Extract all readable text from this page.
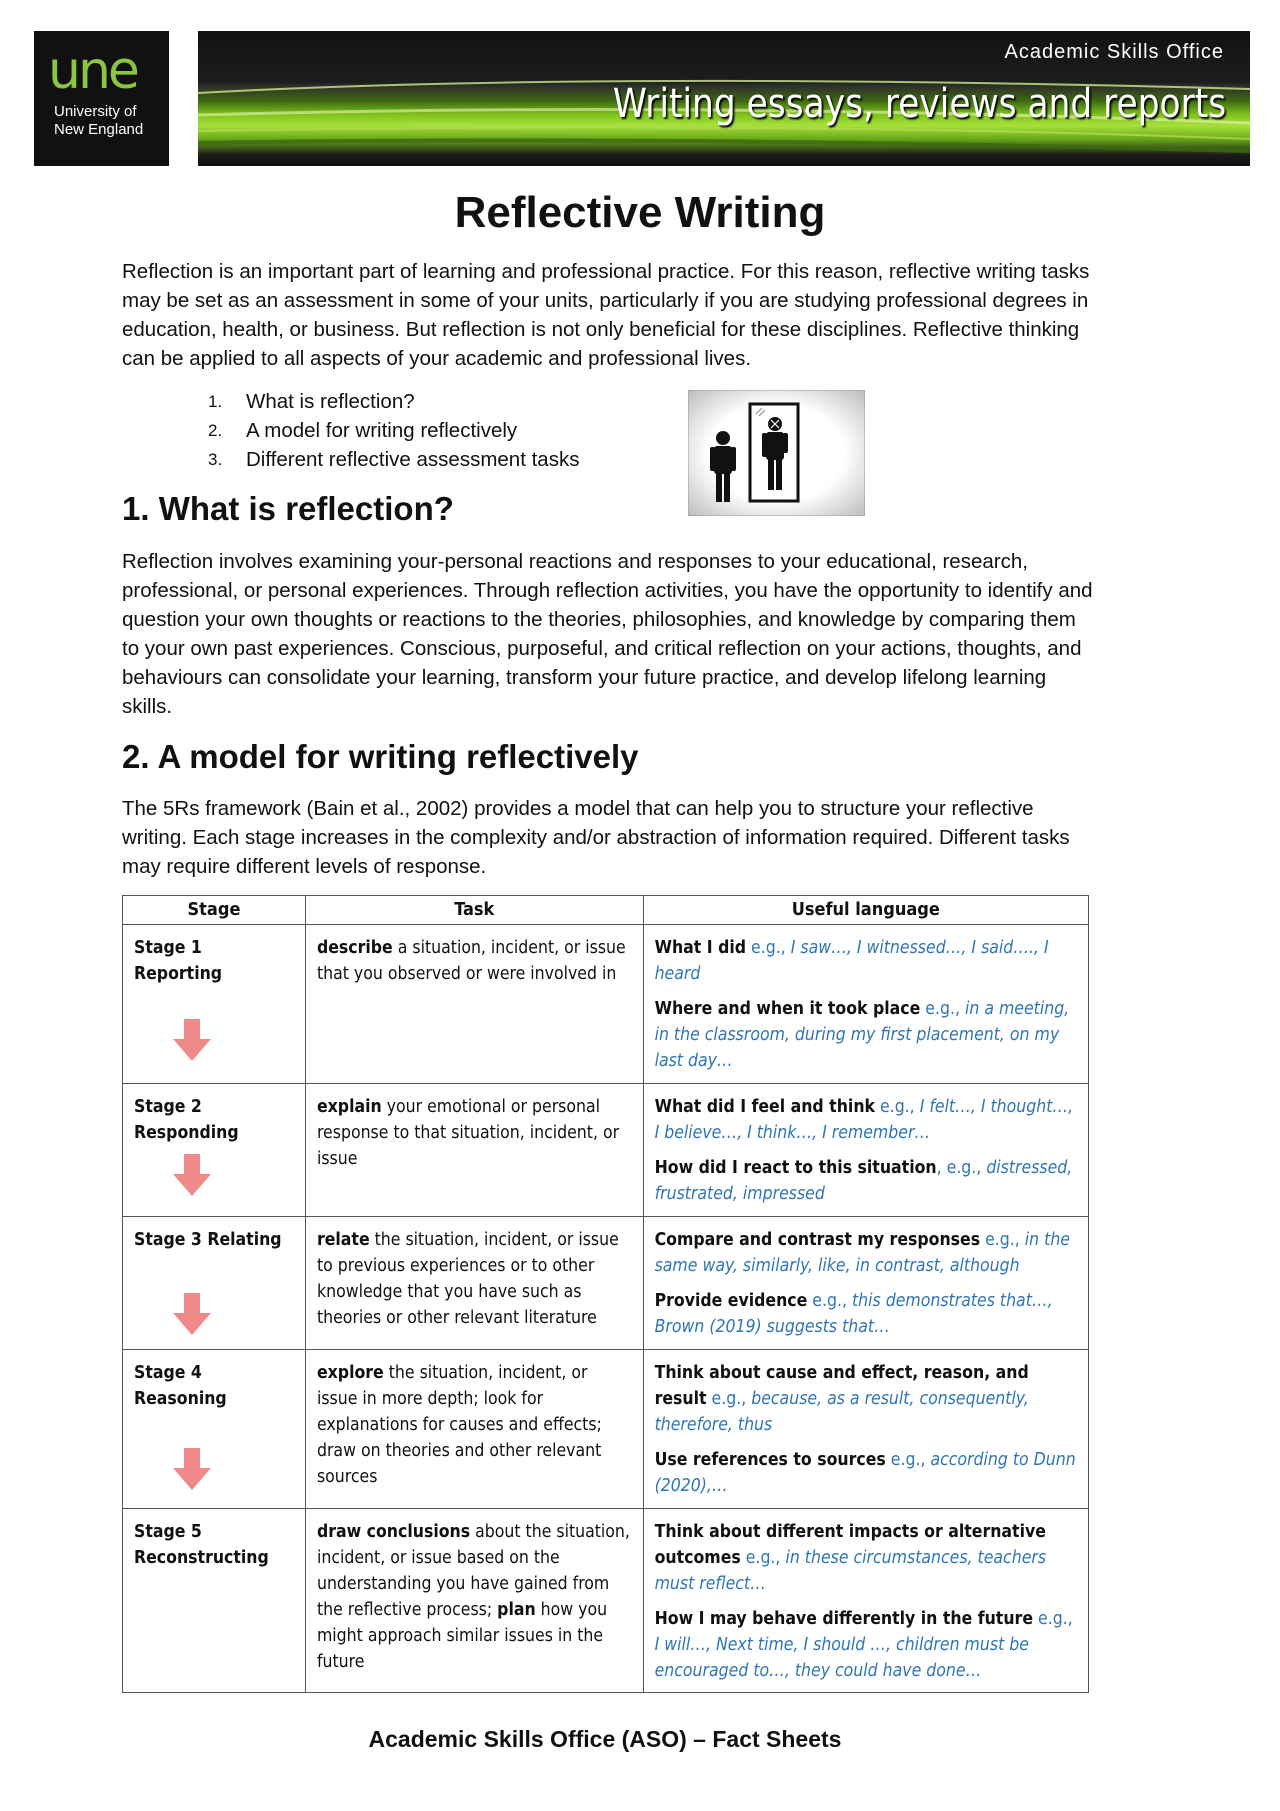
une
University of
New England
Academic Skills Office
Writing essays, reviews and reports
Reflective Writing

Reflection is an important part of learning and professional practice. For this reason, reflective writing tasks may be set as an assessment in some of your units, particularly if you are studying professional degrees in education, health, or business. But reflection is not only beneficial for these disciplines. Reflective thinking can be applied to all aspects of your academic and professional lives.

1.	What is reflection?
2.	A model for writing reflectively
3.	Different reflective assessment tasks
1. What is reflection?

Reflection involves examining your-personal reactions and responses to your educational, research, professional, or personal experiences. Through reflection activities, you have the opportunity to identify and question your own thoughts or reactions to the theories, philosophies, and knowledge by comparing them to your own past experiences. Conscious, purposeful, and critical reflection on your actions, thoughts, and behaviours can consolidate your learning, transform your future practice, and develop lifelong learning skills.

2. A model for writing reflectively

The 5Rs framework (Bain et al., 2002) provides a model that can help you to structure your reflective writing. Each stage increases in the complexity and/or abstraction of information required. Different tasks may require different levels of response.

Stage	Task	Useful language
Stage 1 Reporting	describe a situation, incident, or issue that you observed or were involved in	What I did e.g., I saw…, I witnessed…, I said…., I heard

Where and when it took place e.g., in a meeting, in the classroom, during my first placement, on my last day…

Stage 2 Responding	explain your emotional or personal response to that situation, incident, or issue	What did I feel and think e.g., I felt…, I thought…, I believe…, I think…, I remember…

How did I react to this situation, e.g., distressed, frustrated, impressed

Stage 3 Relating	relate the situation, incident, or issue to previous experiences or to other knowledge that you have such as theories or other relevant literature	Compare and contrast my responses e.g., in the same way, similarly, like, in contrast, although

Provide evidence e.g., this demonstrates that…, Brown (2019) suggests that…

Stage 4 Reasoning	explore the situation, incident, or issue in more depth; look for explanations for causes and effects; draw on theories and other relevant sources	Think about cause and effect, reason, and result e.g., because, as a result, consequently, therefore, thus

Use references to sources e.g., according to Dunn (2020),…

Stage 5 Reconstructing	draw conclusions about the situation, incident, or issue based on the understanding you have gained from the reflective process; plan how you might approach similar issues in the future	Think about different impacts or alternative outcomes e.g., in these circumstances, teachers must reflect…

How I may behave differently in the future e.g., I will…, Next time, I should …, children must be encouraged to…, they could have done…

Academic Skills Office (ASO) – Fact Sheets
